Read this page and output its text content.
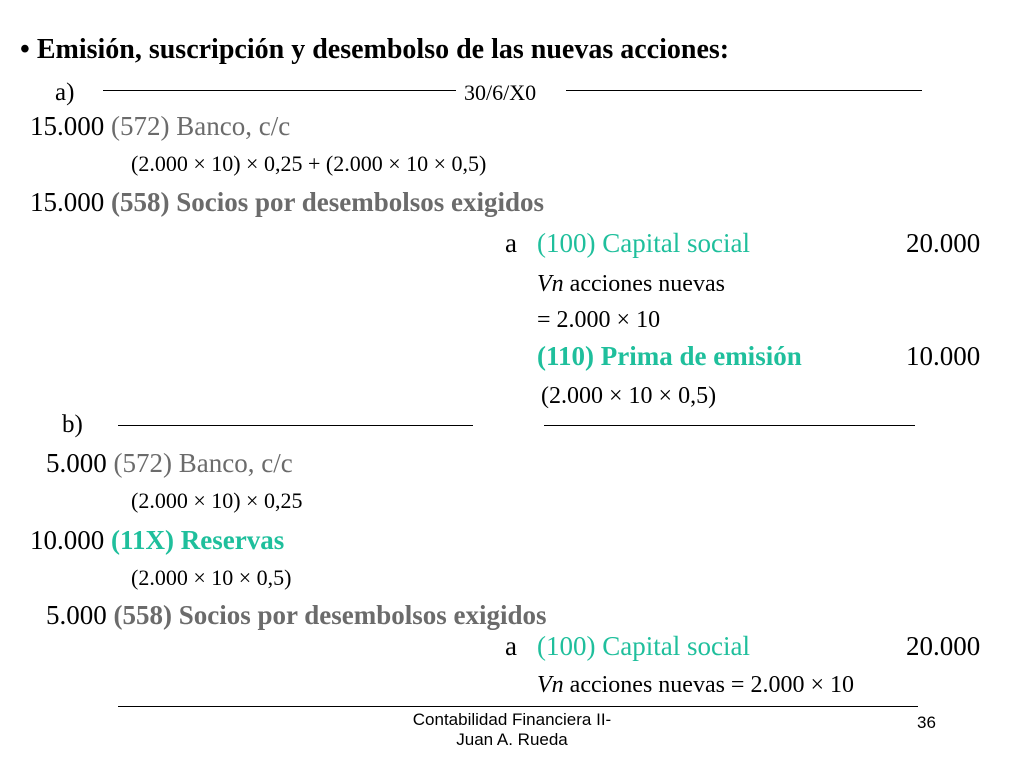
• Emisión, suscripción y desembolso de las nuevas acciones:
a)	30/6/X0
15.000 (572) Banco, c/c
(2.000 × 10) × 0,25 + (2.000 × 10 × 0,5)
15.000 (558) Socios por desembolsos exigidos
a (100) Capital social	20.000
Vn acciones nuevas
= 2.000 × 10
(110) Prima de emisión	10.000
(2.000 × 10 × 0,5)
b)
5.000 (572) Banco, c/c
(2.000 × 10) × 0,25
10.000 (11X) Reservas
(2.000 × 10 × 0,5)
5.000 (558) Socios por desembolsos exigidos
a (100) Capital social	20.000
Vn acciones nuevas = 2.000 × 10
Contabilidad Financiera II-
Juan A. Rueda
36
